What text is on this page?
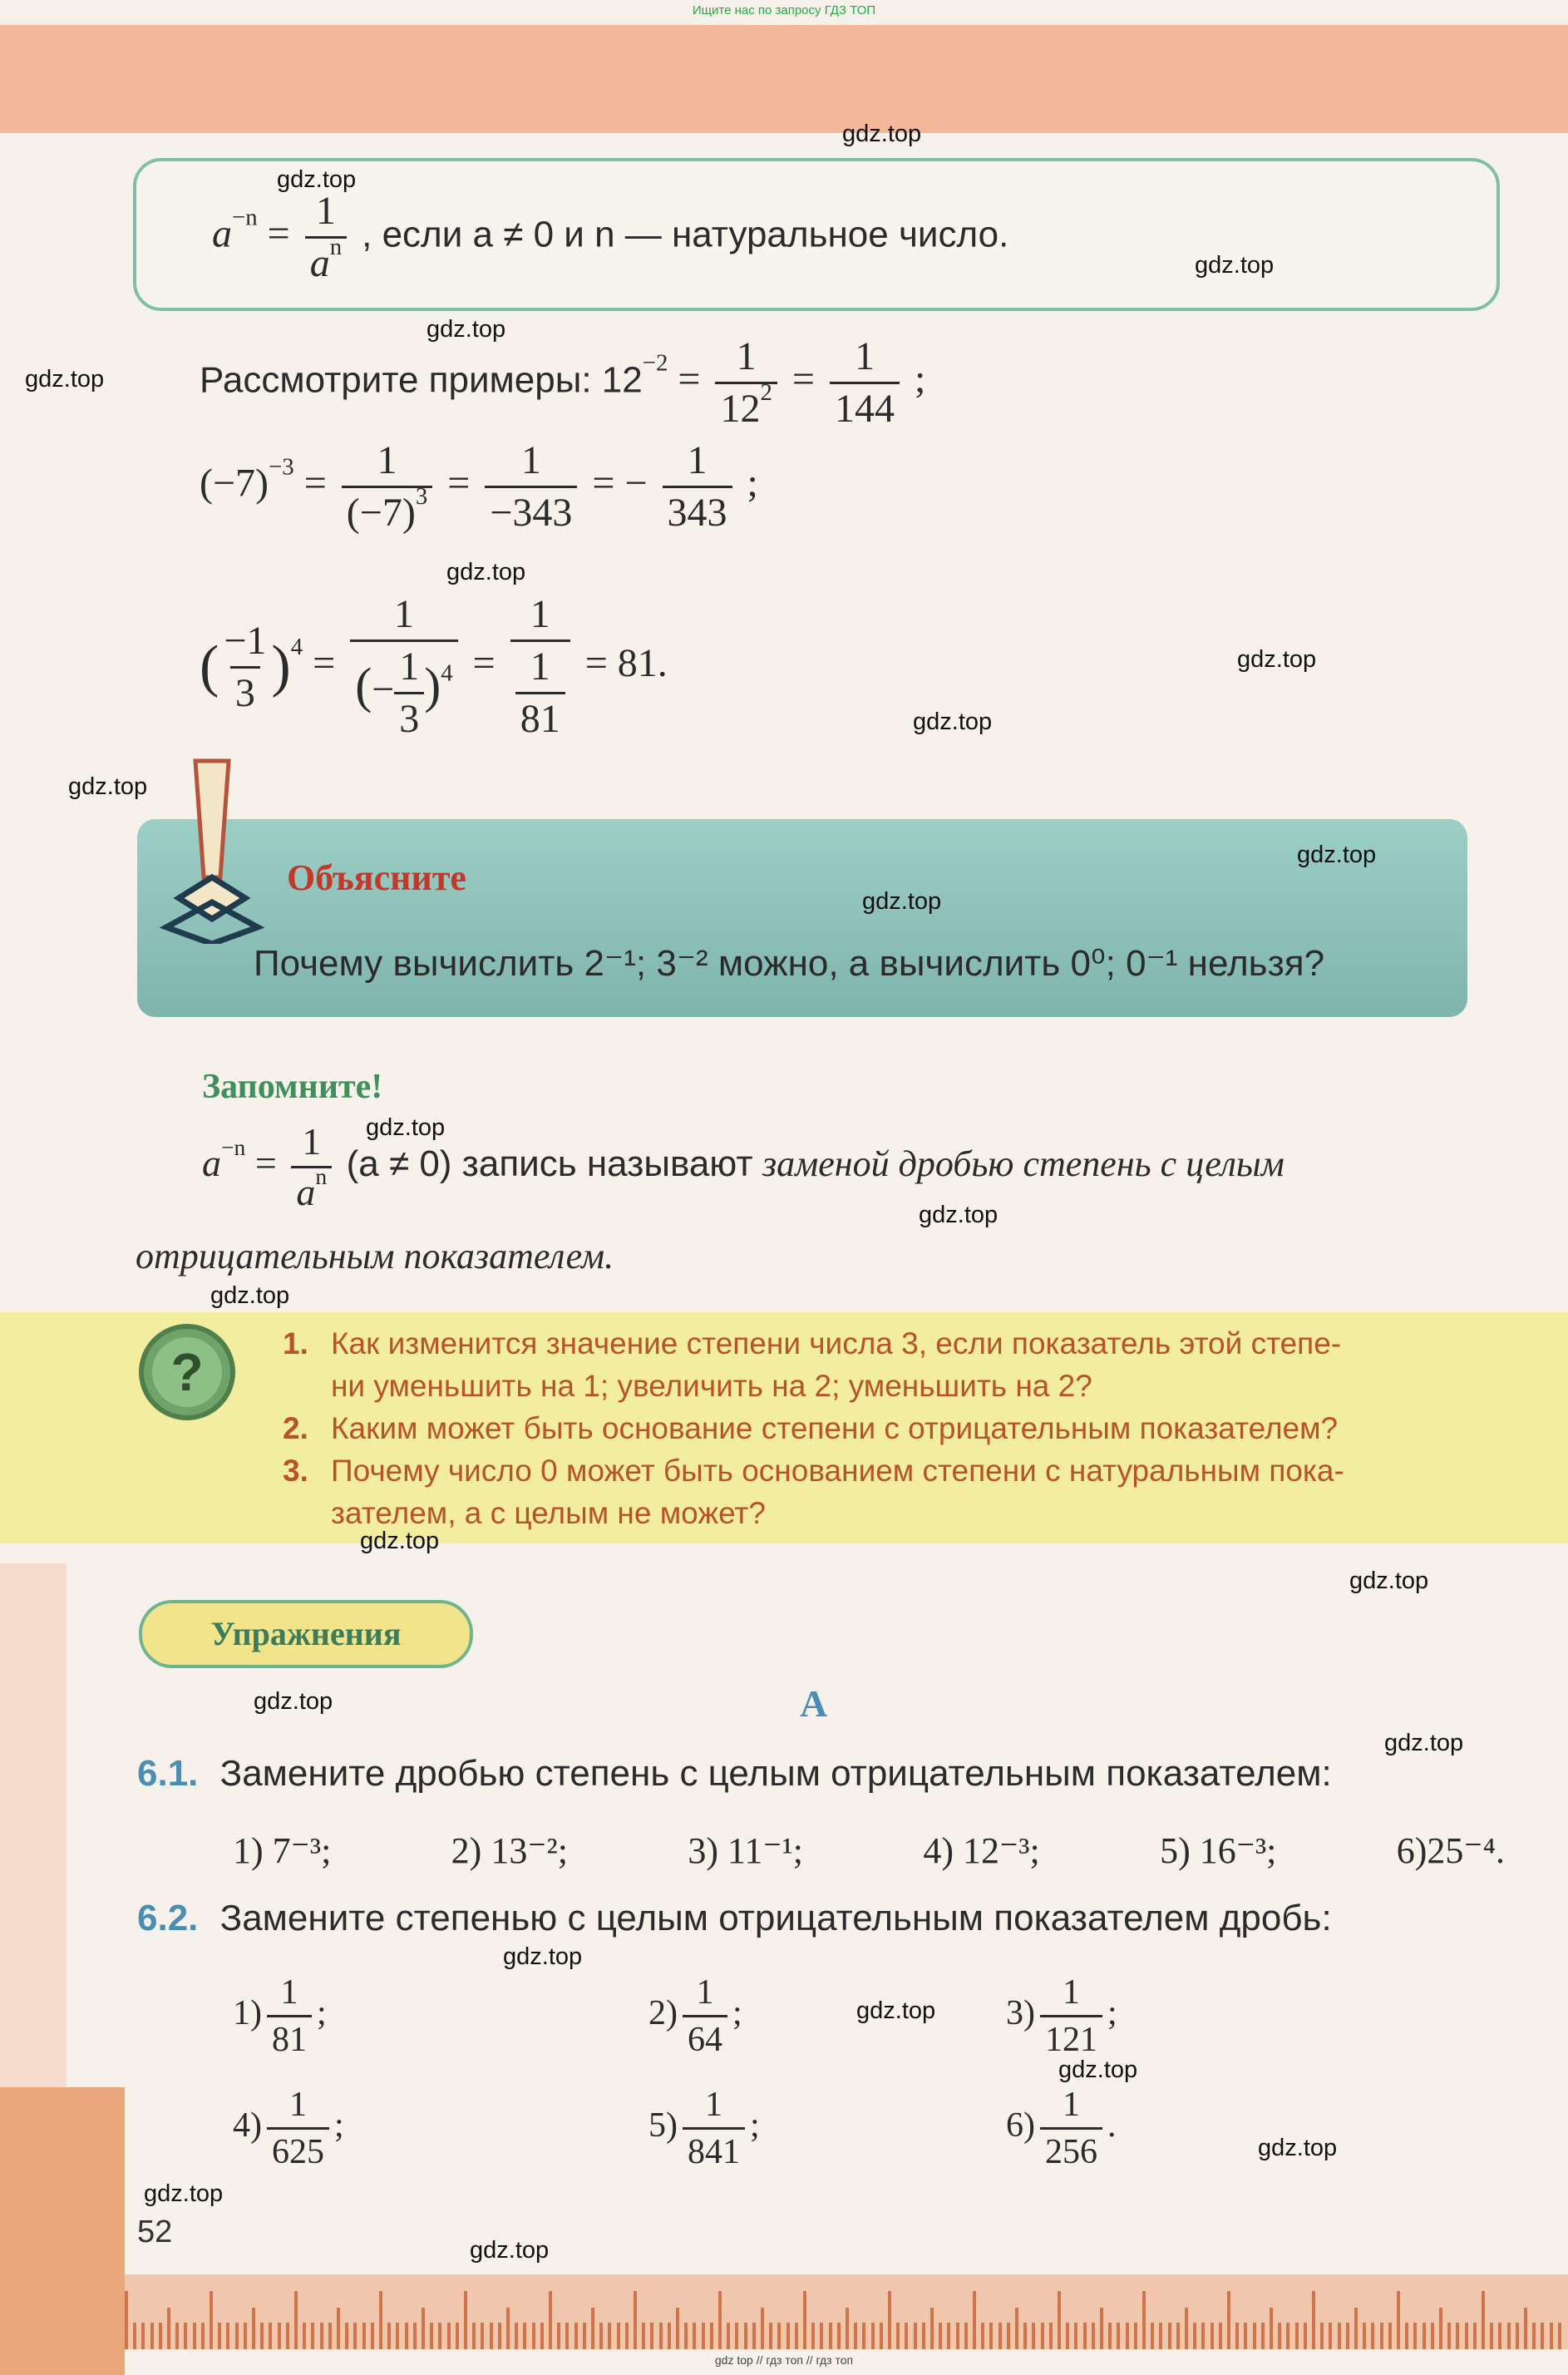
Ищите нас по запросу ГДЗ ТОП
$a^{-n} = \frac{1}{a^n}$ , если a ≠ 0 и n — натуральное число.
Рассмотрите примеры: $12^{-2} = \frac{1}{12^2} = \frac{1}{144}$ ;
$(-7)^{-3} = \frac{1}{(-7)^3} = \frac{1}{-343}$ = − $\frac{1}{343}$ ;
( $\frac{-1}{3} )^4 = \frac{1}{(- \frac{1}{3} )^4} = \frac{1}{\frac{1}{81}} = 81$.
Объясните
Почему вычислить 2⁻¹; 3⁻² можно, а вычислить 0⁰; 0⁻¹ нельзя?
Запомните!
$a^{-n} = \frac{1}{a^n} (a \ne 0)$ запись называют заменой дробью степень с целым
отрицательным показателем.
?	1. Как изменится значение степени числа 3, если показатель этой степе-
ни уменьшить на 1; увеличить на 2; уменьшить на 2?
2. Каким может быть основание степени с отрицательным показателем?
3. Почему число 0 может быть основанием степени с натуральным пока-
зателем, а с целым не может?
Упражнения
А
6.1. Замените дробью степень с целым отрицательным показателем:
1) 7⁻³;	2) 13⁻²;	3) 11⁻¹;	4) 12⁻³;	5) 16⁻³;	6)25⁻⁴.
6.2. Замените степенью с целым отрицательным показателем дробь:
$1) \frac{1}{81}$ ;	$2) \frac{1}{64}$ ;	$3) \frac{1}{121}$ ;
$4) \frac{1}{625}$ ;	$5) \frac{1}{841}$ ;	$6) \frac{1}{256}$ .
52
gdz top // гдз топ // гдз топ
gdz.top
gdz.top
gdz.top
gdz.top
gdz.top
gdz.top
gdz.top
gdz.top
gdz.top
gdz.top
gdz.top
gdz.top
gdz.top
gdz.top
gdz.top
gdz.top
gdz.top
gdz.top
gdz.top
gdz.top
gdz.top
gdz.top
gdz.top
gdz.top
